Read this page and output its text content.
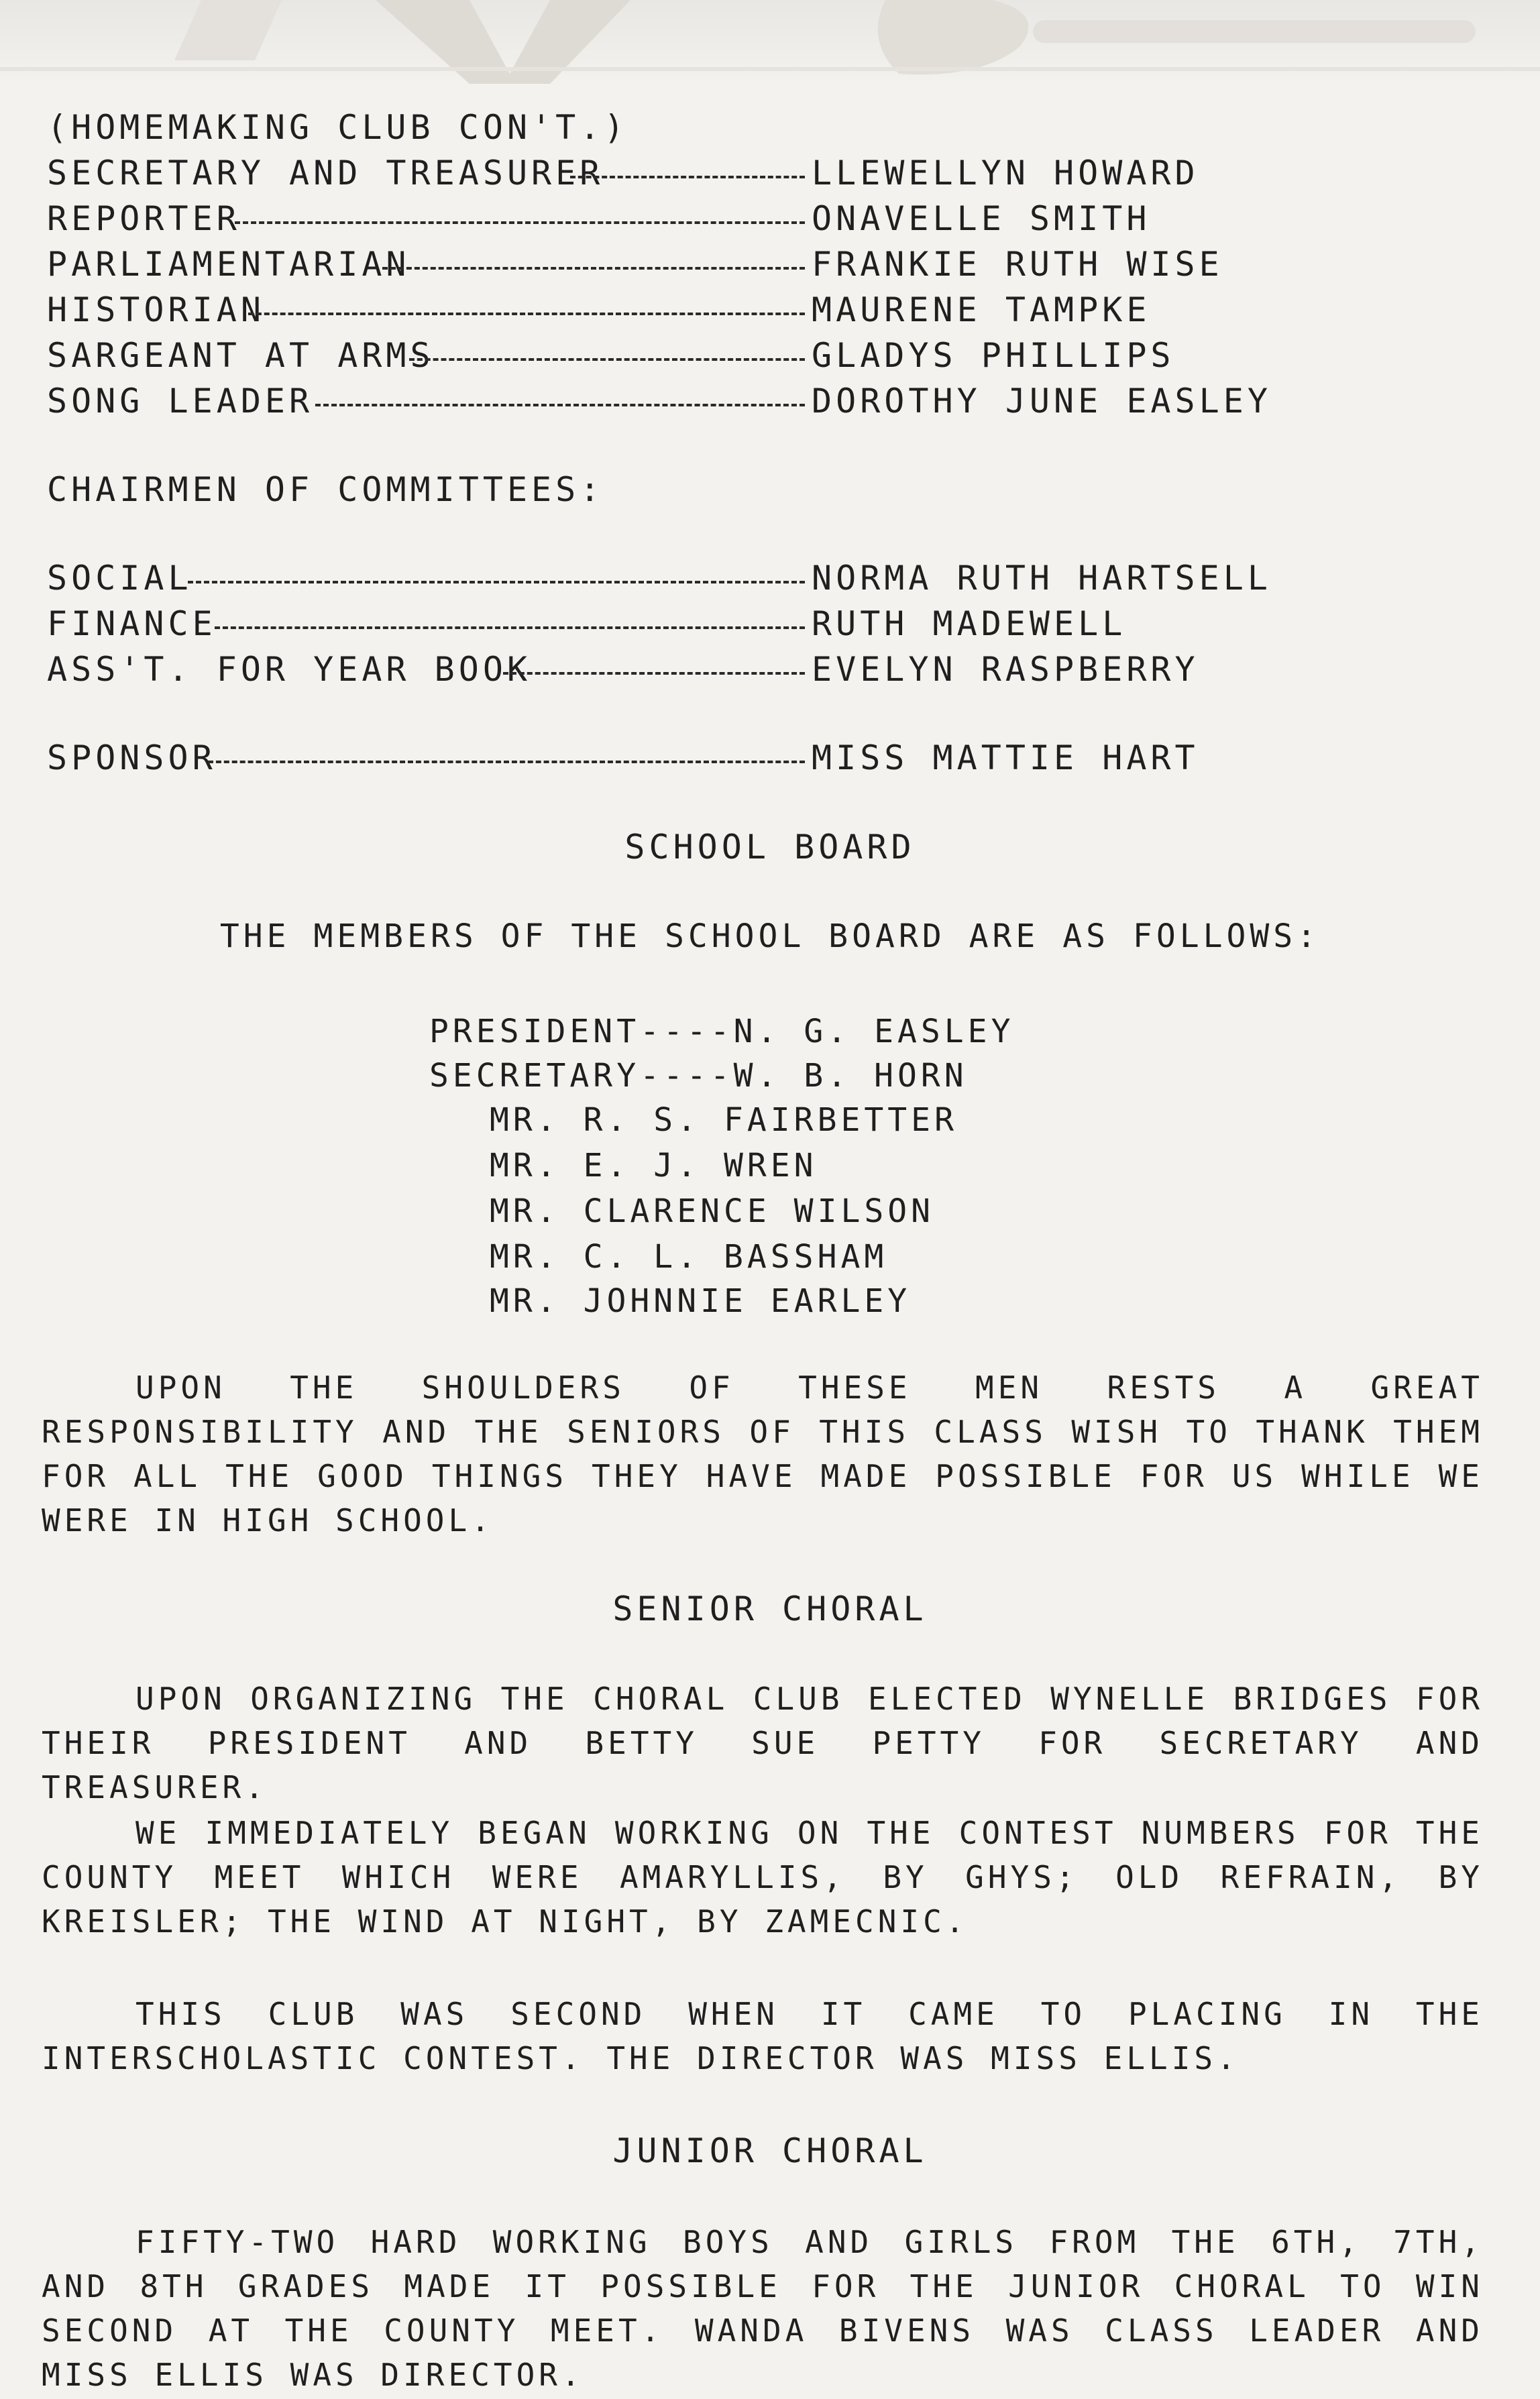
(HOMEMAKING CLUB CON'T.)
SECRETARY AND TREASURER	LLEWELLYN HOWARD
REPORTER	ONAVELLE SMITH
PARLIAMENTARIAN	FRANKIE RUTH WISE
HISTORIAN	MAURENE TAMPKE
SARGEANT AT ARMS	GLADYS PHILLIPS
SONG LEADER	DOROTHY JUNE EASLEY
CHAIRMEN OF COMMITTEES:
SOCIAL	NORMA RUTH HARTSELL
FINANCE	RUTH MADEWELL
ASS'T. FOR YEAR BOOK	EVELYN RASPBERRY
SPONSOR	MISS MATTIE HART
SCHOOL BOARD
THE MEMBERS OF THE SCHOOL BOARD ARE AS FOLLOWS:
PRESIDENT----N. G. EASLEY
SECRETARY----W. B. HORN
MR. R. S. FAIRBETTER
MR. E. J. WREN
MR. CLARENCE WILSON
MR. C. L. BASSHAM
MR. JOHNNIE EARLEY
UPON THE SHOULDERS OF THESE MEN RESTS A GREAT RESPONSIBILITY AND THE SENIORS OF THIS CLASS WISH TO THANK THEM FOR ALL THE GOOD THINGS THEY HAVE MADE POSSIBLE FOR US WHILE WE WERE IN HIGH SCHOOL.
SENIOR CHORAL
UPON ORGANIZING THE CHORAL CLUB ELECTED WYNELLE BRIDGES FOR THEIR PRESIDENT AND BETTY SUE PETTY FOR SECRETARY AND TREASURER.
WE IMMEDIATELY BEGAN WORKING ON THE CONTEST NUMBERS FOR THE COUNTY MEET WHICH WERE AMARYLLIS, BY GHYS; OLD REFRAIN, BY KREISLER; THE WIND AT NIGHT, BY ZAMECNIC.
THIS CLUB WAS SECOND WHEN IT CAME TO PLACING IN THE INTERSCHOLASTIC CONTEST. THE DIRECTOR WAS MISS ELLIS.
JUNIOR CHORAL
FIFTY-TWO HARD WORKING BOYS AND GIRLS FROM THE 6TH, 7TH, AND 8TH GRADES MADE IT POSSIBLE FOR THE JUNIOR CHORAL TO WIN SECOND AT THE COUNTY MEET. WANDA BIVENS WAS CLASS LEADER AND MISS ELLIS WAS DIRECTOR.
